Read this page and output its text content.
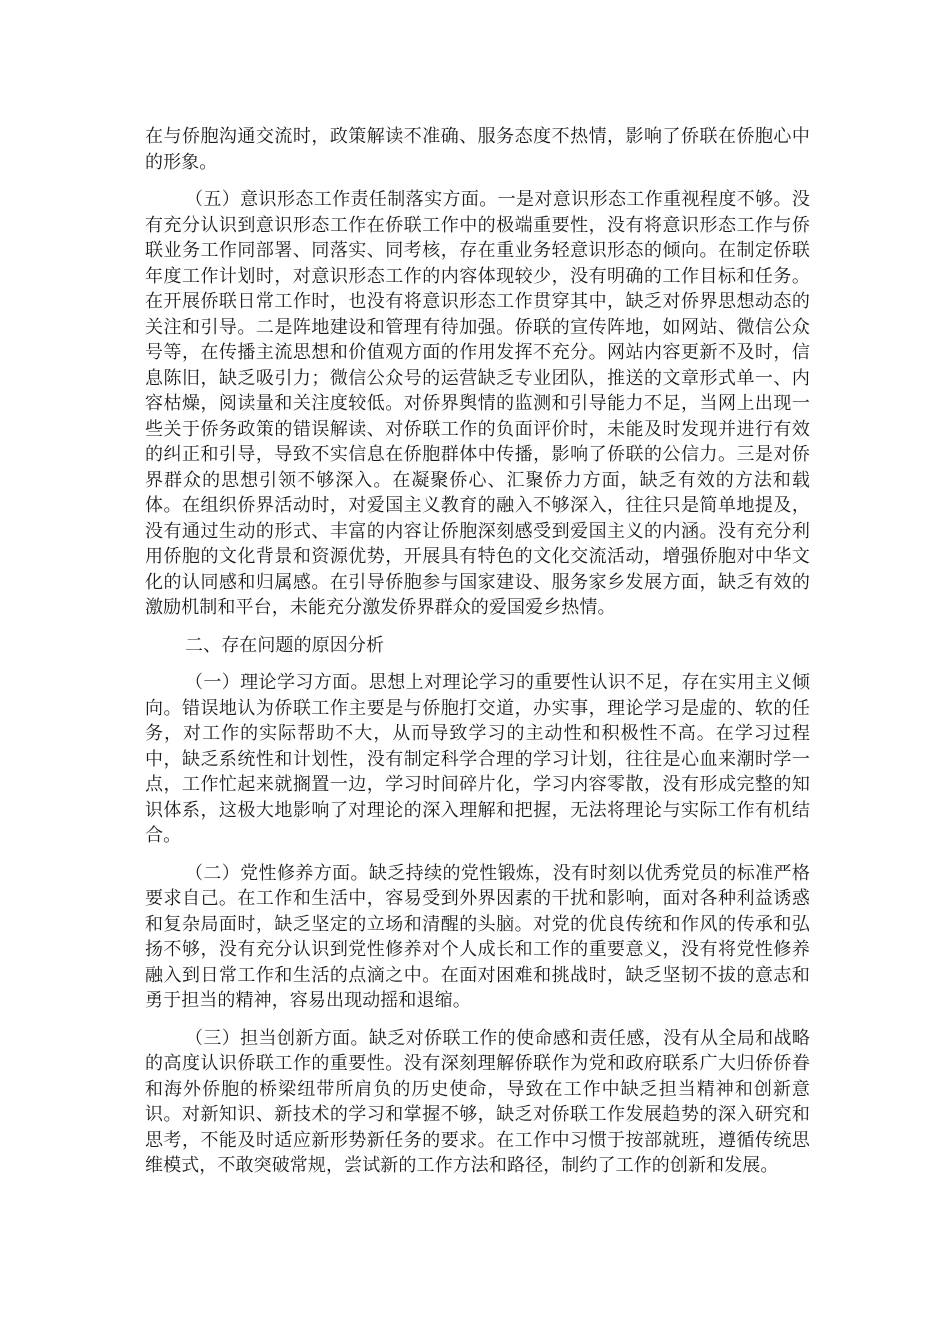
在与侨胞沟通交流时，政策解读不准确、服务态度不热情，影响了侨联在侨胞心中的形象。

（五）意识形态工作责任制落实方面。一是对意识形态工作重视程度不够。没有充分认识到意识形态工作在侨联工作中的极端重要性，没有将意识形态工作与侨联业务工作同部署、同落实、同考核，存在重业务轻意识形态的倾向。在制定侨联年度工作计划时，对意识形态工作的内容体现较少，没有明确的工作目标和任务。在开展侨联日常工作时，也没有将意识形态工作贯穿其中，缺乏对侨界思想动态的关注和引导。二是阵地建设和管理有待加强。侨联的宣传阵地，如网站、微信公众号等，在传播主流思想和价值观方面的作用发挥不充分。网站内容更新不及时，信息陈旧，缺乏吸引力；微信公众号的运营缺乏专业团队，推送的文章形式单一、内容枯燥，阅读量和关注度较低。对侨界舆情的监测和引导能力不足，当网上出现一些关于侨务政策的错误解读、对侨联工作的负面评价时，未能及时发现并进行有效的纠正和引导，导致不实信息在侨胞群体中传播，影响了侨联的公信力。三是对侨界群众的思想引领不够深入。在凝聚侨心、汇聚侨力方面，缺乏有效的方法和载体。在组织侨界活动时，对爱国主义教育的融入不够深入，往往只是简单地提及，没有通过生动的形式、丰富的内容让侨胞深刻感受到爱国主义的内涵。没有充分利用侨胞的文化背景和资源优势，开展具有特色的文化交流活动，增强侨胞对中华文化的认同感和归属感。在引导侨胞参与国家建设、服务家乡发展方面，缺乏有效的激励机制和平台，未能充分激发侨界群众的爱国爱乡热情。

二、存在问题的原因分析

（一）理论学习方面。思想上对理论学习的重要性认识不足，存在实用主义倾向。错误地认为侨联工作主要是与侨胞打交道，办实事，理论学习是虚的、软的任务，对工作的实际帮助不大，从而导致学习的主动性和积极性不高。在学习过程中，缺乏系统性和计划性，没有制定科学合理的学习计划，往往是心血来潮时学一点，工作忙起来就搁置一边，学习时间碎片化，学习内容零散，没有形成完整的知识体系，这极大地影响了对理论的深入理解和把握，无法将理论与实际工作有机结合。

（二）党性修养方面。缺乏持续的党性锻炼，没有时刻以优秀党员的标准严格要求自己。在工作和生活中，容易受到外界因素的干扰和影响，面对各种利益诱惑和复杂局面时，缺乏坚定的立场和清醒的头脑。对党的优良传统和作风的传承和弘扬不够，没有充分认识到党性修养对个人成长和工作的重要意义，没有将党性修养融入到日常工作和生活的点滴之中。在面对困难和挑战时，缺乏坚韧不拔的意志和勇于担当的精神，容易出现动摇和退缩。

（三）担当创新方面。缺乏对侨联工作的使命感和责任感，没有从全局和战略的高度认识侨联工作的重要性。没有深刻理解侨联作为党和政府联系广大归侨侨眷和海外侨胞的桥梁纽带所肩负的历史使命，导致在工作中缺乏担当精神和创新意识。对新知识、新技术的学习和掌握不够，缺乏对侨联工作发展趋势的深入研究和思考，不能及时适应新形势新任务的要求。在工作中习惯于按部就班，遵循传统思维模式，不敢突破常规，尝试新的工作方法和路径，制约了工作的创新和发展。
